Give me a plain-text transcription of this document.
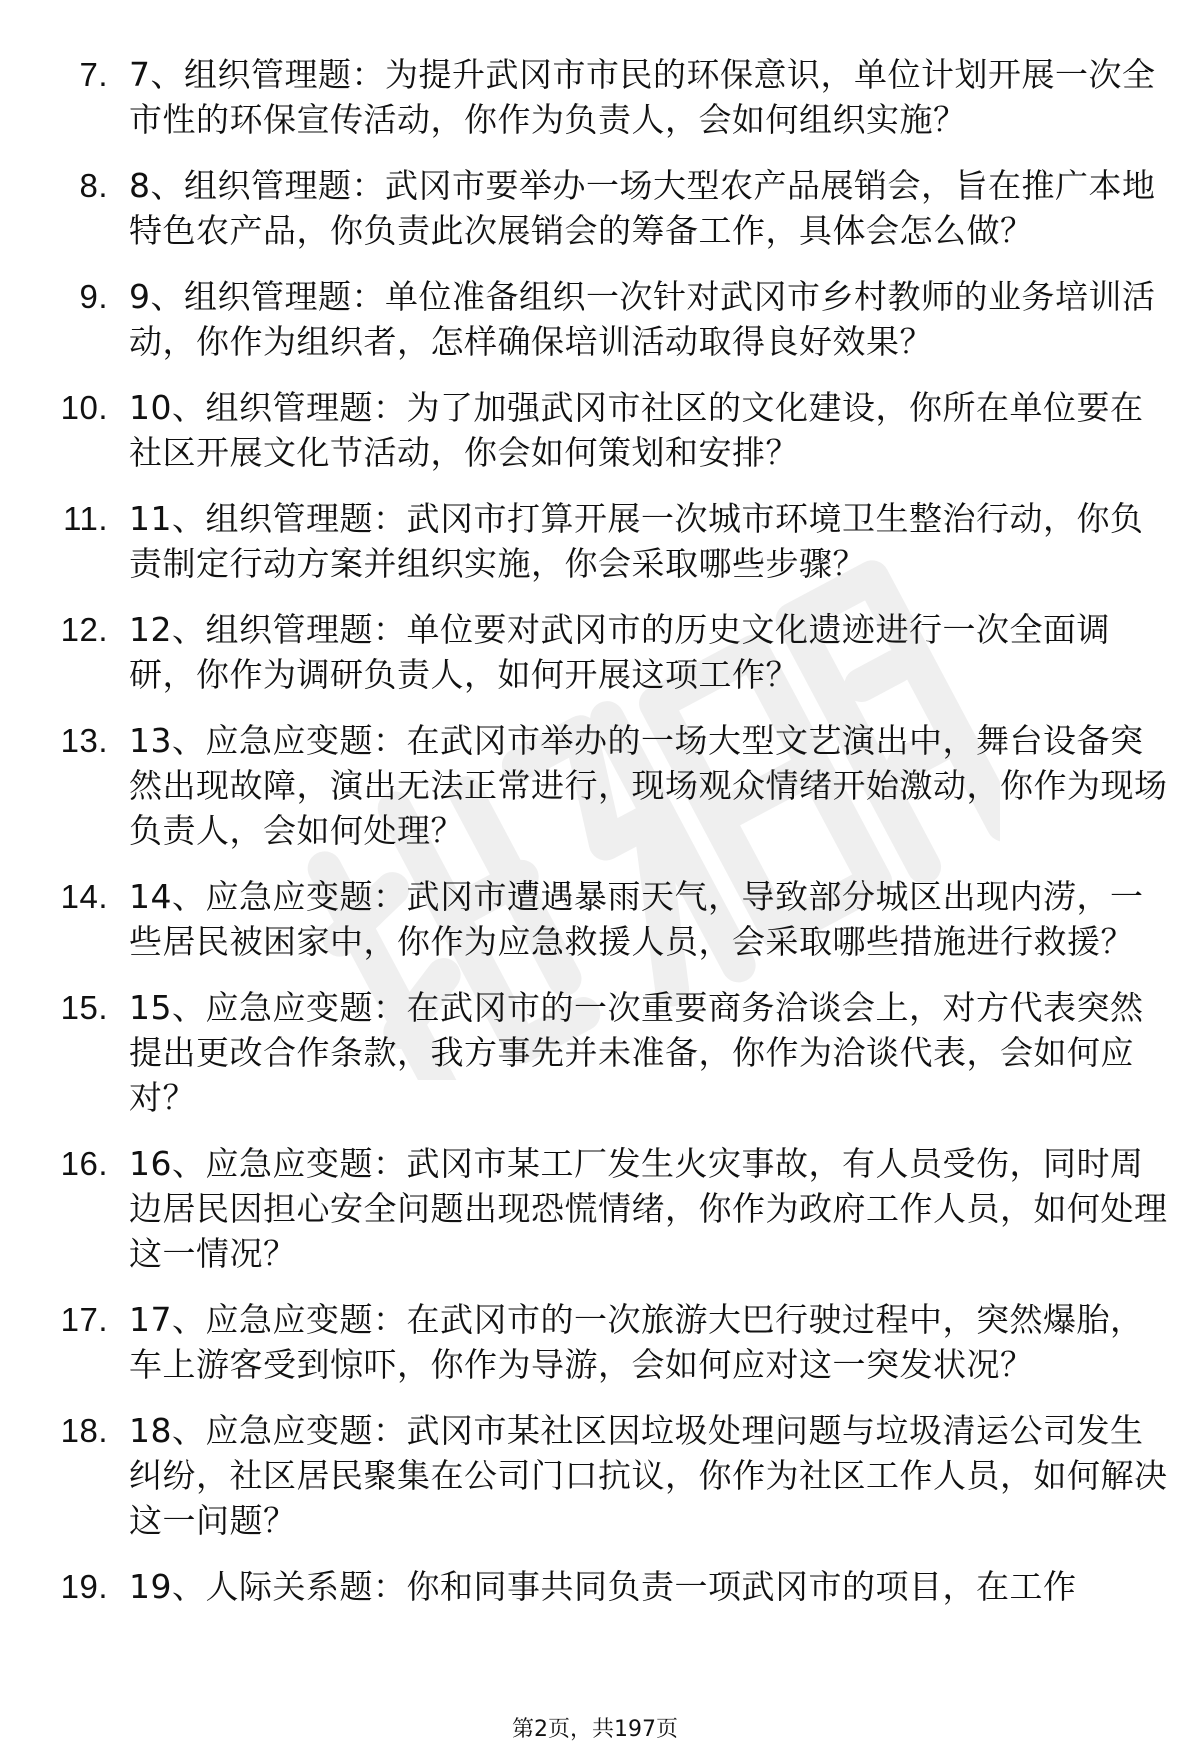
7. 7、组织管理题：为提升武冈市市民的环保意识，单位计划开展一次全市性的环保宣传活动，你作为负责人，会如何组织实施？
8. 8、组织管理题：武冈市要举办一场大型农产品展销会，旨在推广本地特色农产品，你负责此次展销会的筹备工作，具体会怎么做？
9. 9、组织管理题：单位准备组织一次针对武冈市乡村教师的业务培训活动，你作为组织者，怎样确保培训活动取得良好效果？
10. 10、组织管理题：为了加强武冈市社区的文化建设，你所在单位要在社区开展文化节活动，你会如何策划和安排？
11. 11、组织管理题：武冈市打算开展一次城市环境卫生整治行动，你负责制定行动方案并组织实施，你会采取哪些步骤？
12. 12、组织管理题：单位要对武冈市的历史文化遗迹进行一次全面调研，你作为调研负责人，如何开展这项工作？
13. 13、应急应变题：在武冈市举办的一场大型文艺演出中，舞台设备突然出现故障，演出无法正常进行，现场观众情绪开始激动，你作为现场负责人，会如何处理？
14. 14、应急应变题：武冈市遭遇暴雨天气，导致部分城区出现内涝，一些居民被困家中，你作为应急救援人员，会采取哪些措施进行救援？
15. 15、应急应变题：在武冈市的一次重要商务洽谈会上，对方代表突然提出更改合作条款，我方事先并未准备，你作为洽谈代表，会如何应对？
16. 16、应急应变题：武冈市某工厂发生火灾事故，有人员受伤，同时周边居民因担心安全问题出现恐慌情绪，你作为政府工作人员，如何处理这一情况？
17. 17、应急应变题：在武冈市的一次旅游大巴行驶过程中，突然爆胎，车上游客受到惊吓，你作为导游，会如何应对这一突发状况？
18. 18、应急应变题：武冈市某社区因垃圾处理问题与垃圾清运公司发生纠纷，社区居民聚集在公司门口抗议，你作为社区工作人员，如何解决这一问题？
19. 19、人际关系题：你和同事共同负责一项武冈市的项目，在工作
第2页，共197页
